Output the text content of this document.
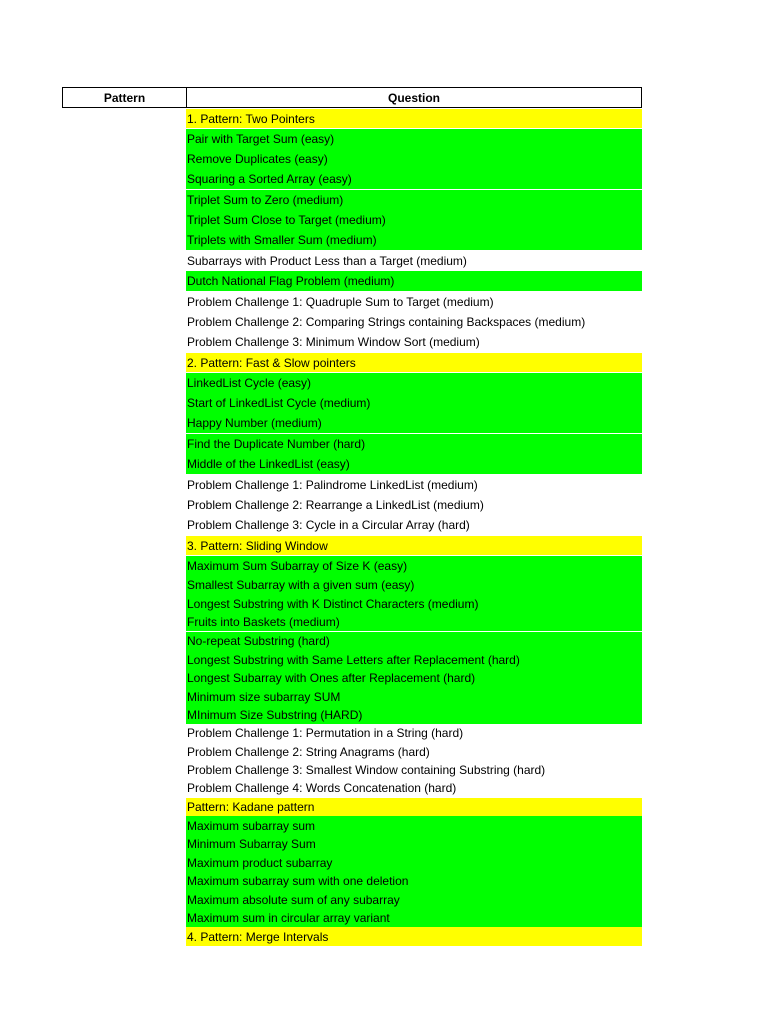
Pattern	Question
1. Pattern: Two Pointers
Pair with Target Sum (easy)
Remove Duplicates (easy)
Squaring a Sorted Array (easy)
Triplet Sum to Zero (medium)
Triplet Sum Close to Target (medium)
Triplets with Smaller Sum (medium)
Subarrays with Product Less than a Target (medium)
Dutch National Flag Problem (medium)
Problem Challenge 1: Quadruple Sum to Target (medium)
Problem Challenge 2: Comparing Strings containing Backspaces (medium)
Problem Challenge 3: Minimum Window Sort (medium)
2. Pattern: Fast & Slow pointers
LinkedList Cycle (easy)
Start of LinkedList Cycle (medium)
Happy Number (medium)
Find the Duplicate Number (hard)
Middle of the LinkedList (easy)
Problem Challenge 1: Palindrome LinkedList (medium)
Problem Challenge 2: Rearrange a LinkedList (medium)
Problem Challenge 3: Cycle in a Circular Array (hard)
3. Pattern: Sliding Window
Maximum Sum Subarray of Size K (easy)
Smallest Subarray with a given sum (easy)
Longest Substring with K Distinct Characters (medium)
Fruits into Baskets (medium)
No-repeat Substring (hard)
Longest Substring with Same Letters after Replacement (hard)
Longest Subarray with Ones after Replacement (hard)
Minimum size subarray SUM
MInimum Size Substring (HARD)
Problem Challenge 1: Permutation in a String (hard)
Problem Challenge 2: String Anagrams (hard)
Problem Challenge 3: Smallest Window containing Substring (hard)
Problem Challenge 4: Words Concatenation (hard)
Pattern: Kadane pattern
Maximum subarray sum
Minimum Subarray Sum
Maximum product subarray
Maximum subarray sum with one deletion
Maximum absolute sum of any subarray
Maximum sum in circular array variant
4. Pattern: Merge Intervals
